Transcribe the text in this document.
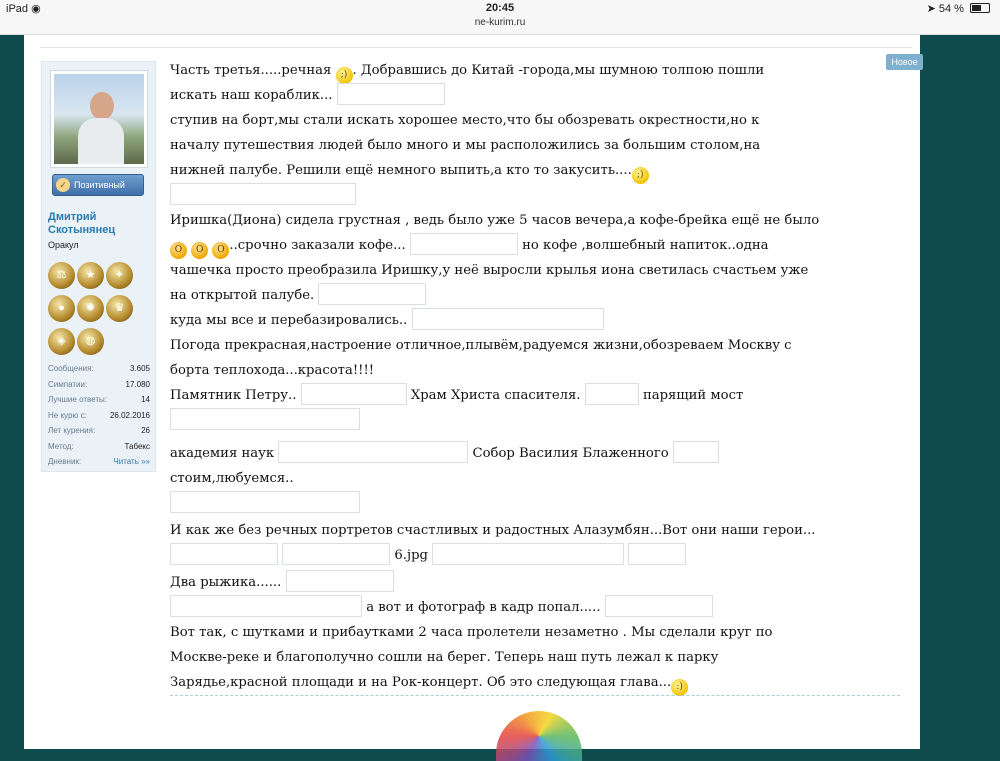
iPad ◉	20:45
ne-kurim.ru
➤ 54 %
Новое
✓ Позитивный
Дмитрий Скотынянец
Оракул
⚖ ★ ✦ ● ✺ ♛ ◈ ◍
Сообщения:	3.605
Симпатии:	17.080
Лучшие ответы:	14
Не курю с:	26.02.2016
Лет курения:	26
Метод:	Табекс
Дневник:	Читать »»
Часть третья.....речная ;) . Добравшись до Китай -города,мы шумною толпою пошли
искать наш кораблик...
ступив на борт,мы стали искать хорошее место,что бы обозревать окрестности,но к
началу путешествия людей было много и мы расположились за большим столом,на
нижней палубе. Решили ещё немного выпить,а кто то закусить.... ;)
Иришка(Диона) сидела грустная , ведь было уже 5 часов вечера,а кофе-брейка ещё не было
O O O ..срочно заказали кофе...	но кофе ,волшебный напиток..одна
чашечка просто преобразила Иришку,у неё выросли крылья иона светилась счастьем уже
на открытой палубе.
куда мы все и перебазировались..
Погода прекрасная,настроение отличное,плывём,радуемся жизни,обозреваем Москву с
борта теплохода...красота!!!!
Памятник Петру..	Храм Христа спасителя.	парящий мост
академия наук	Собор Василия Блаженного
стоим,любуемся..
И как же без речных портретов счастливых и радостных Алазумбян...Вот они наши герои...
6.jpg
Два рыжика......
а вот и фотограф в кадр попал.....
Вот так, с шутками и прибаутками 2 часа пролетели незаметно . Мы сделали круг по
Москве-реке и благополучно сошли на берег. Теперь наш путь лежал к парку
Зарядье,красной площади и на Рок-концерт. Об это следующая глава... :)
